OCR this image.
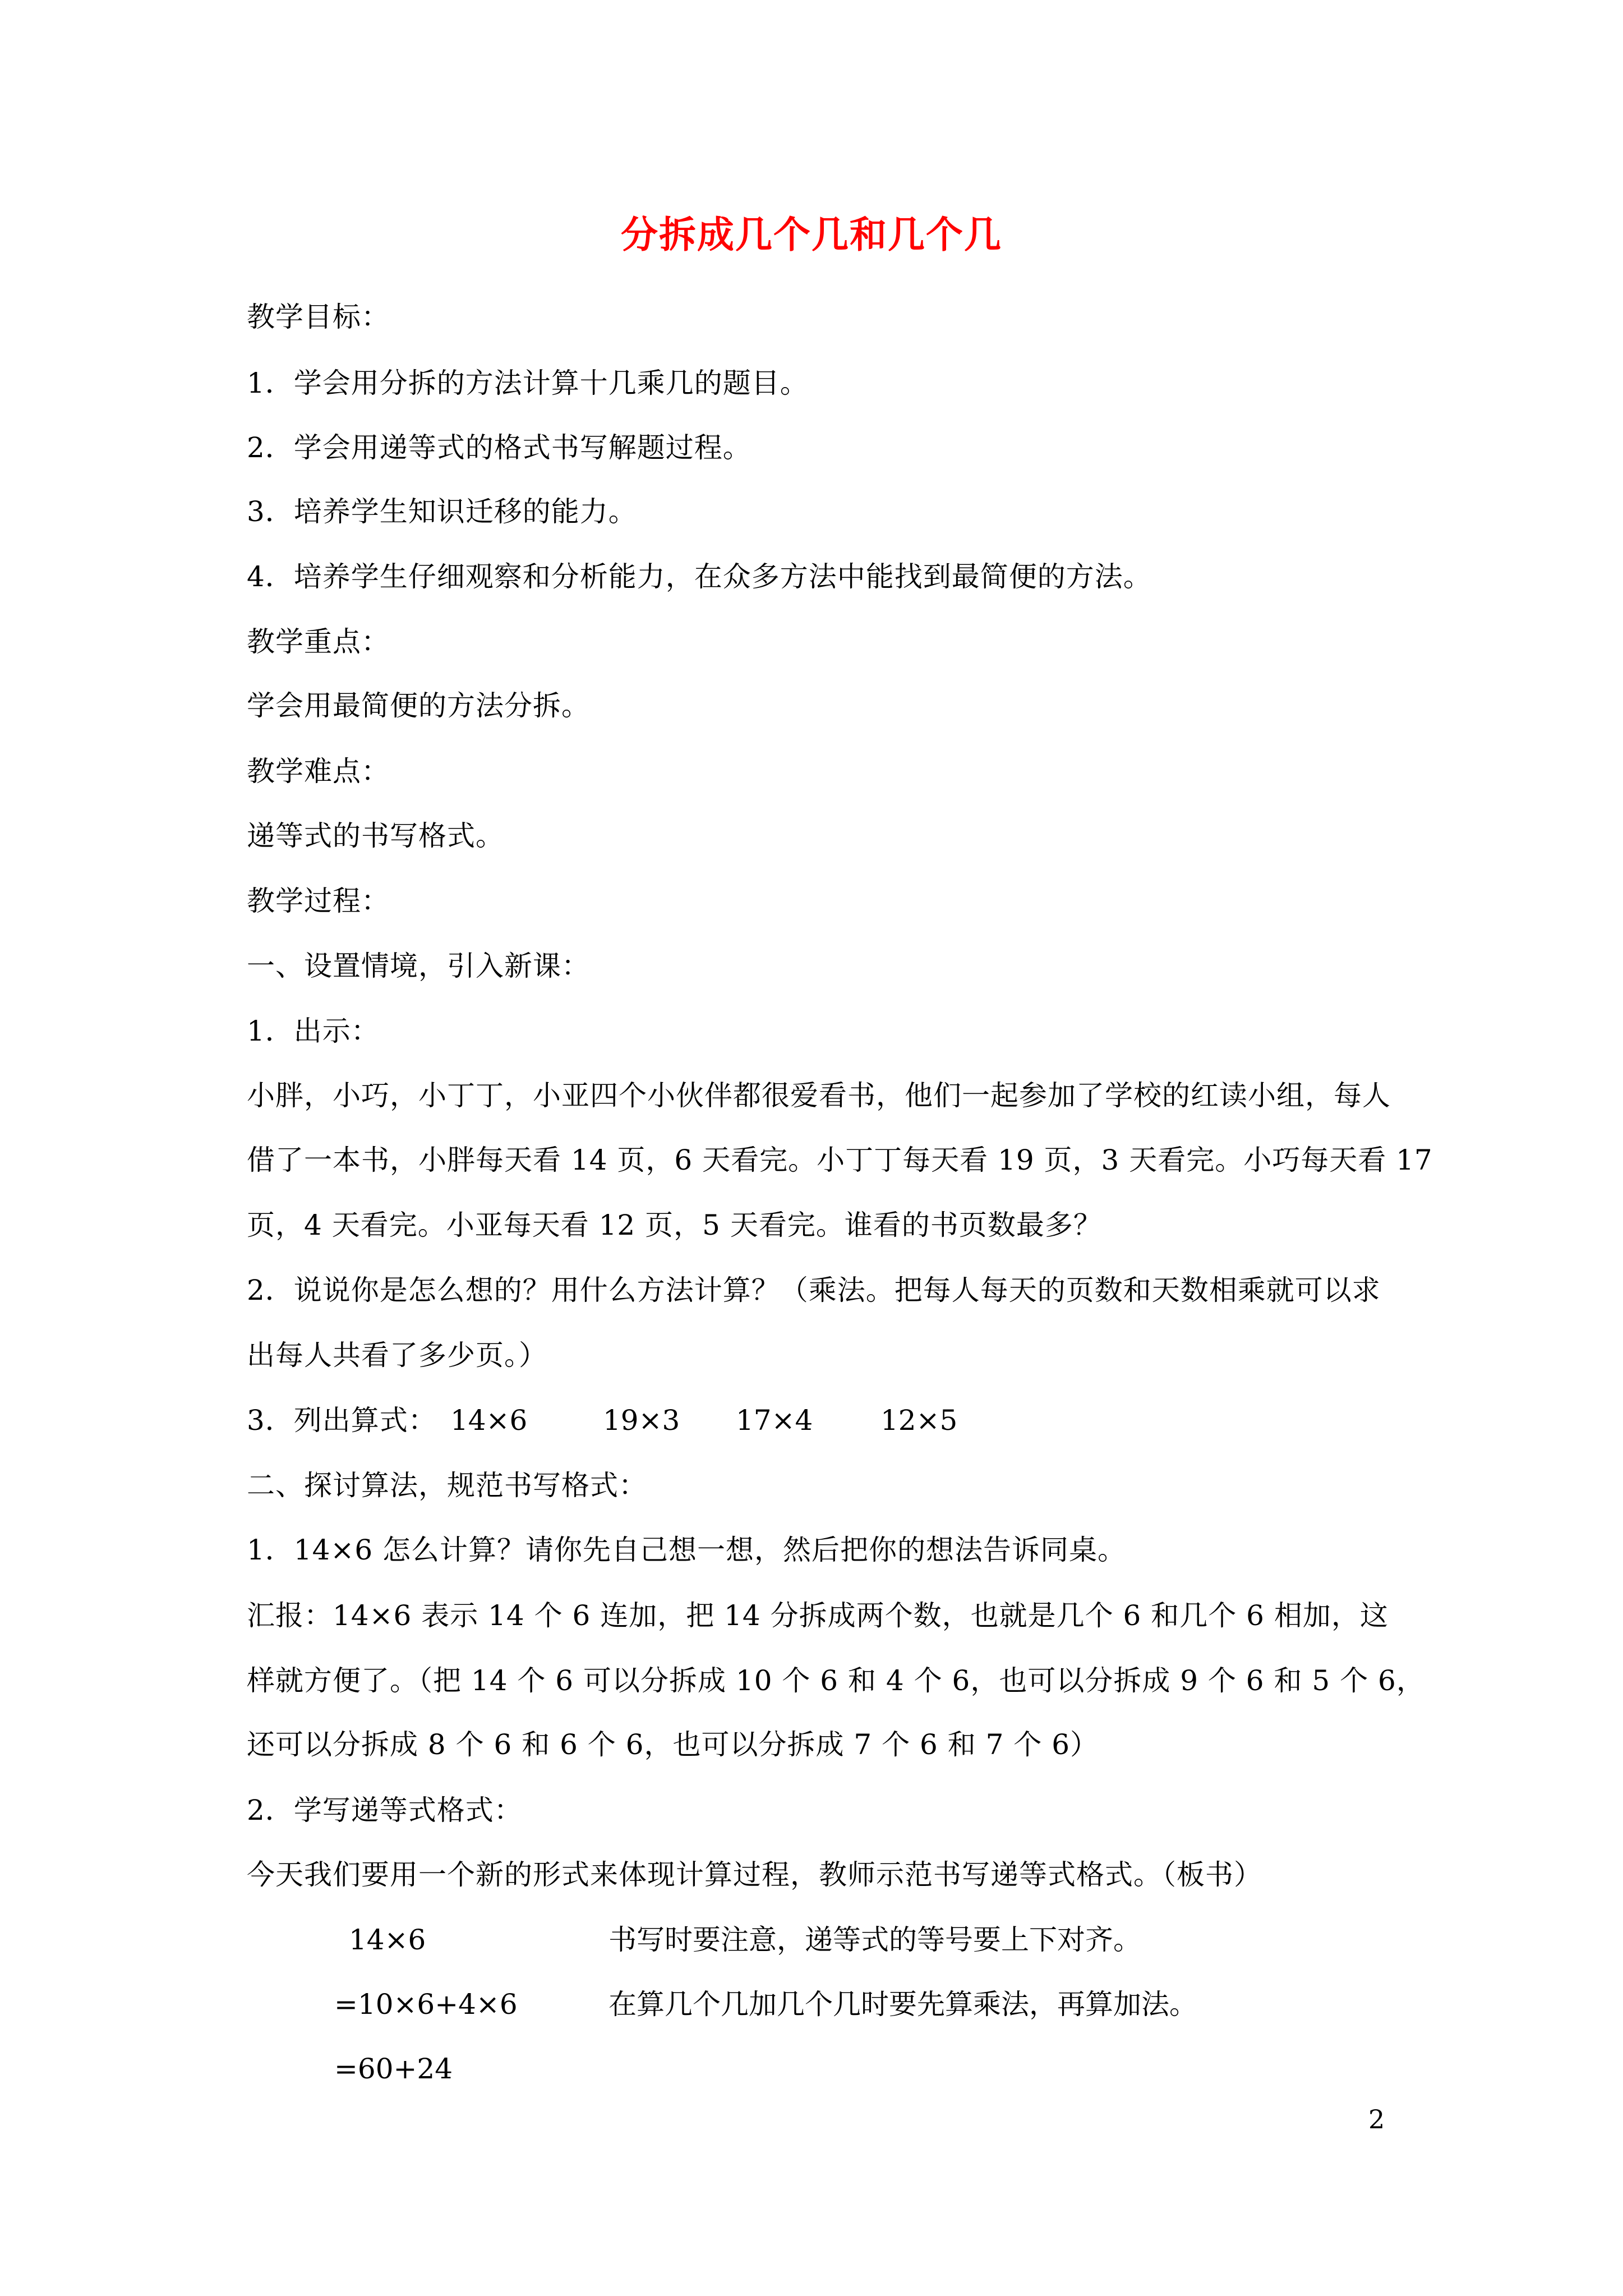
分拆成几个几和几个几
教学目标：
1．学会用分拆的方法计算十几乘几的题目。
2．学会用递等式的格式书写解题过程。
3．培养学生知识迁移的能力。
4．培养学生仔细观察和分析能力，在众多方法中能找到最简便的方法。
教学重点：
学会用最简便的方法分拆。
教学难点：
递等式的书写格式。
教学过程：
一、设置情境，引入新课：
1．出示：
小胖，小巧，小丁丁，小亚四个小伙伴都很爱看书，他们一起参加了学校的红读小组，每人
借了一本书，小胖每天看 14 页，6 天看完。小丁丁每天看 19 页，3 天看完。小巧每天看 17
页，4 天看完。小亚每天看 12 页，5 天看完。谁看的书页数最多？
2．说说你是怎么想的？用什么方法计算？（乘法。把每人每天的页数和天数相乘就可以求
出每人共看了多少页。）
3．列出算式： 14×6	19×3 17×4 12×5
二、探讨算法，规范书写格式：
1．14×6 怎么计算？请你先自己想一想，然后把你的想法告诉同桌。
汇报：14×6 表示 14 个 6 连加，把 14 分拆成两个数，也就是几个 6 和几个 6 相加，这
样就方便了。（把 14 个 6 可以分拆成 10 个 6 和 4 个 6，也可以分拆成 9 个 6 和 5 个 6，
还可以分拆成 8 个 6 和 6 个 6，也可以分拆成 7 个 6 和 7 个 6）
2．学写递等式格式：
今天我们要用一个新的形式来体现计算过程，教师示范书写递等式格式。（板书）
14×6	书写时要注意，递等式的等号要上下对齐。
=10×6+4×6	在算几个几加几个几时要先算乘法，再算加法。
=60+24
2
